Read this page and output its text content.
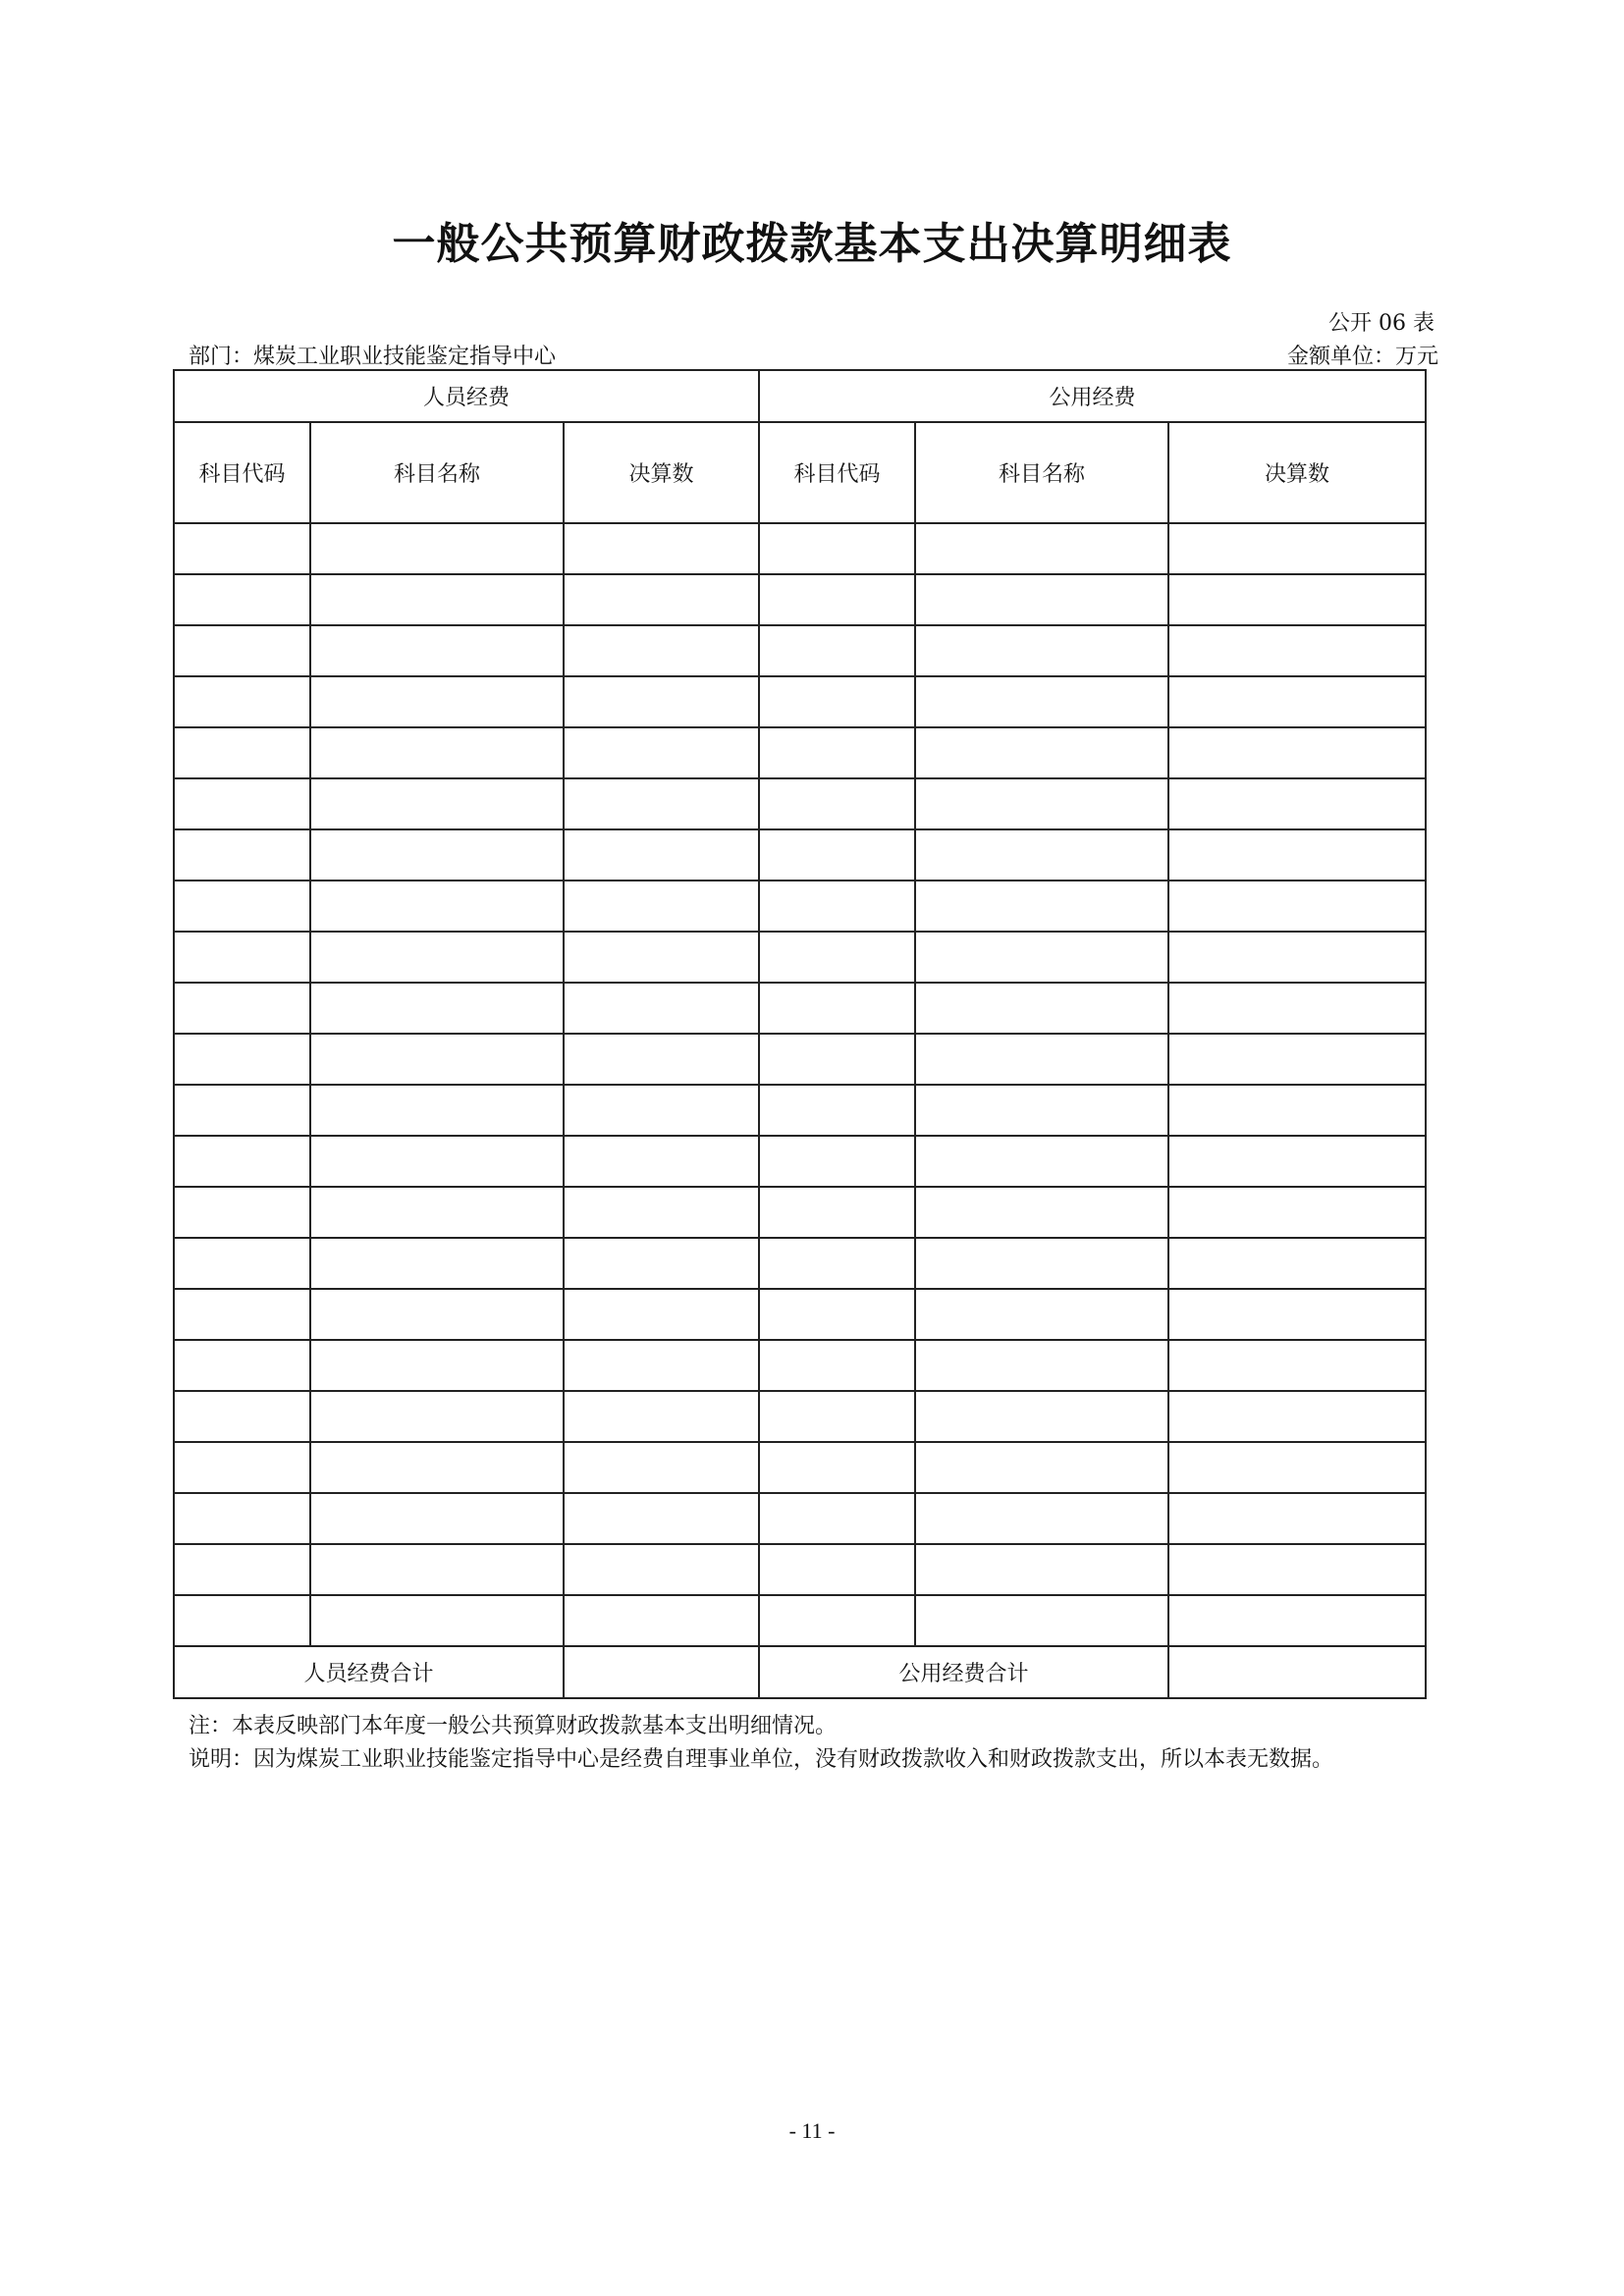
一般公共预算财政拨款基本支出决算明细表
公开 06 表
部门：煤炭工业职业技能鉴定指导中心	金额单位：万元
人员经费			公用经费		
科目代码	科目名称	决算数	科目代码	科目名称	决算数

人员经费合计			公用经费合计		
注：本表反映部门本年度一般公共预算财政拨款基本支出明细情况。
说明：因为煤炭工业职业技能鉴定指导中心是经费自理事业单位，没有财政拨款收入和财政拨款支出，所以本表无数据。
- 11 -
